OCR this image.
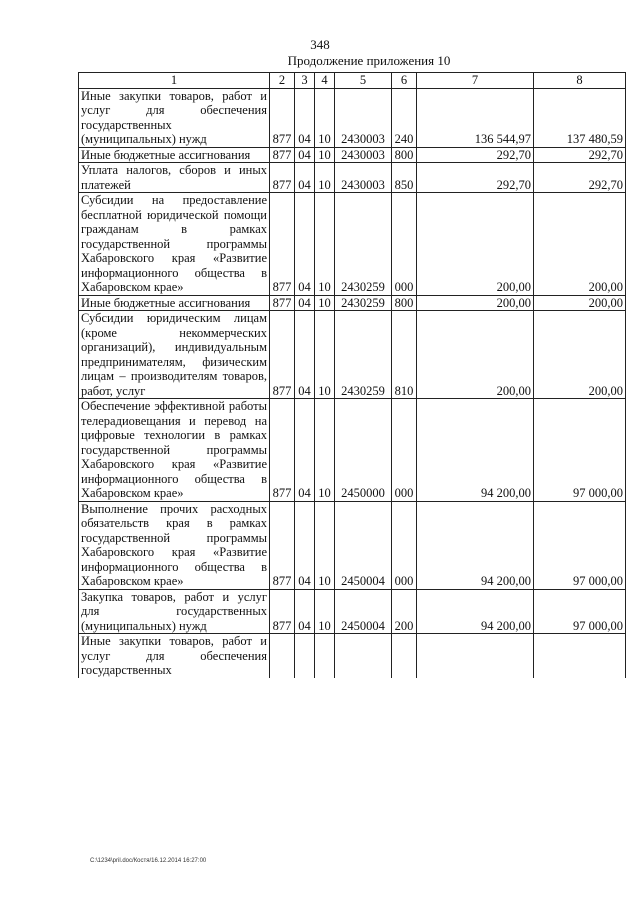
348
Продолжение приложения 10
1	2	3	4	5	6	7	8
Иные закупки товаров, работ и услуг для обеспечения государственных (муниципальных) нужд	877	04	10	2430003	240	136 544,97	137 480,59
Иные бюджетные ассигнования	877	04	10	2430003	800	292,70	292,70
Уплата налогов, сборов и иных платежей	877	04	10	2430003	850	292,70	292,70
Субсидии на предоставление бесплатной юридической помощи гражданам в рамках государственной программы Хабаровского края «Развитие информационного общества в Хабаровском крае»	877	04	10	2430259	000	200,00	200,00
Иные бюджетные ассигнования	877	04	10	2430259	800	200,00	200,00
Субсидии юридическим лицам (кроме некоммерческих организаций), индивидуальным предпринимателям, физическим лицам – производителям товаров, работ, услуг	877	04	10	2430259	810	200,00	200,00
Обеспечение эффективной работы телерадиовещания и перевод на цифровые технологии в рамках государственной программы Хабаровского края «Развитие информационного общества в Хабаровском крае»	877	04	10	2450000	000	94 200,00	97 000,00
Выполнение прочих расходных обязательств края в рамках государственной программы Хабаровского края «Развитие информационного общества в Хабаровском крае»	877	04	10	2450004	000	94 200,00	97 000,00
Закупка товаров, работ и услуг для государственных (муниципальных) нужд	877	04	10	2450004	200	94 200,00	97 000,00
Иные закупки товаров, работ и услуг для обеспечения государственных							
C:\1234\pril.doc/Костя/16.12.2014 16:27:00
